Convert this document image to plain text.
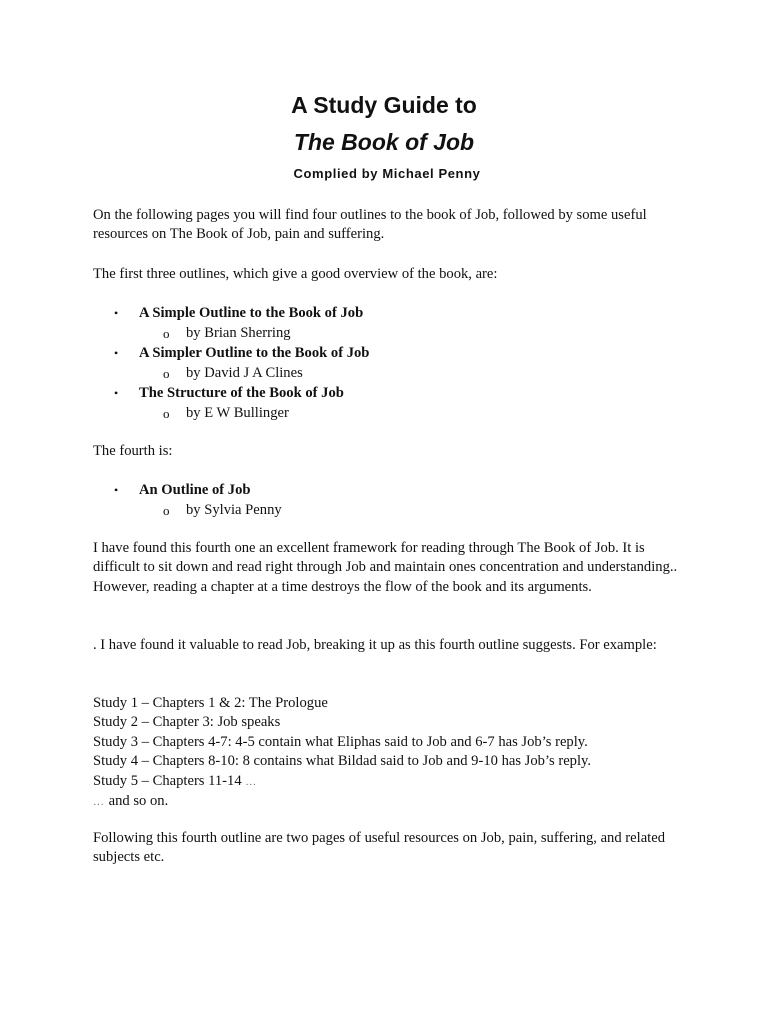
A Study Guide to
The Book of Job
Complied by Michael Penny

On the following pages you will find four outlines to the book of Job, followed by some useful resources on The Book of Job, pain and suffering.

The first three outlines, which give a good overview of the book, are:

• A Simple Outline to the Book of Job
o by Brian Sherring
• A Simpler Outline to the Book of Job
o by David J A Clines
• The Structure of the Book of Job
o by E W Bullinger

The fourth is:

• An Outline of Job
o by Sylvia Penny

I have found this fourth one an excellent framework for reading through The Book of Job. It is difficult to sit down and read right through Job and maintain ones concentration and understanding.. However, reading a chapter at a time destroys the flow of the book and its arguments.

. I have found it valuable to read Job, breaking it up as this fourth outline suggests. For example:

Study 1 – Chapters 1 & 2: The Prologue

Study 2 – Chapter 3: Job speaks

Study 3 – Chapters 4-7: 4-5 contain what Eliphas said to Job and 6-7 has Job’s reply.

Study 4 – Chapters 8-10: 8 contains what Bildad said to Job and 9-10 has Job’s reply.

Study 5 – Chapters 11-14 …

… and so on.

Following this fourth outline are two pages of useful resources on Job, pain, suffering, and related subjects etc.
